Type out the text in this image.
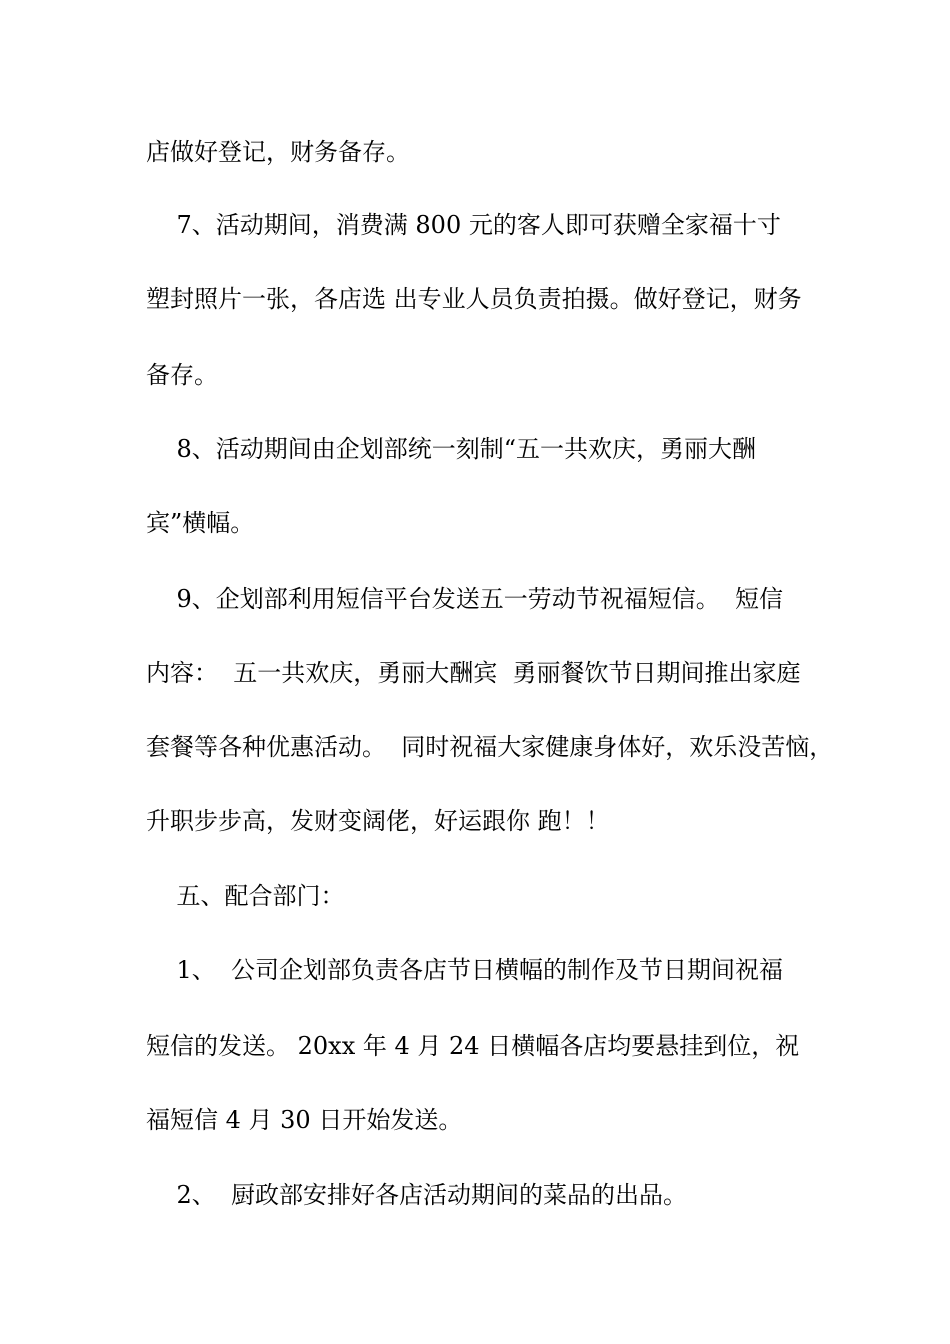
店做好登记，财务备存。
7、活动期间，消费满 800 元的客人即可获赠全家福十寸
塑封照片一张，各店选 出专业人员负责拍摄。做好登记，财务
备存。
8、活动期间由企划部统一刻制“五一共欢庆，勇丽大酬
宾”横幅。
9、企划部利用短信平台发送五一劳动节祝福短信。  短信
内容：  五一共欢庆，勇丽大酬宾  勇丽餐饮节日期间推出家庭
套餐等各种优惠活动。  同时祝福大家健康身体好，欢乐没苦恼，
升职步步高，发财变阔佬，好运跟你 跑！！
五、配合部门：
1、  公司企划部负责各店节日横幅的制作及节日期间祝福
短信的发送。 20xx 年 4 月 24 日横幅各店均要悬挂到位，祝
福短信 4 月 30 日开始发送。
2、  厨政部安排好各店活动期间的菜品的出品。
